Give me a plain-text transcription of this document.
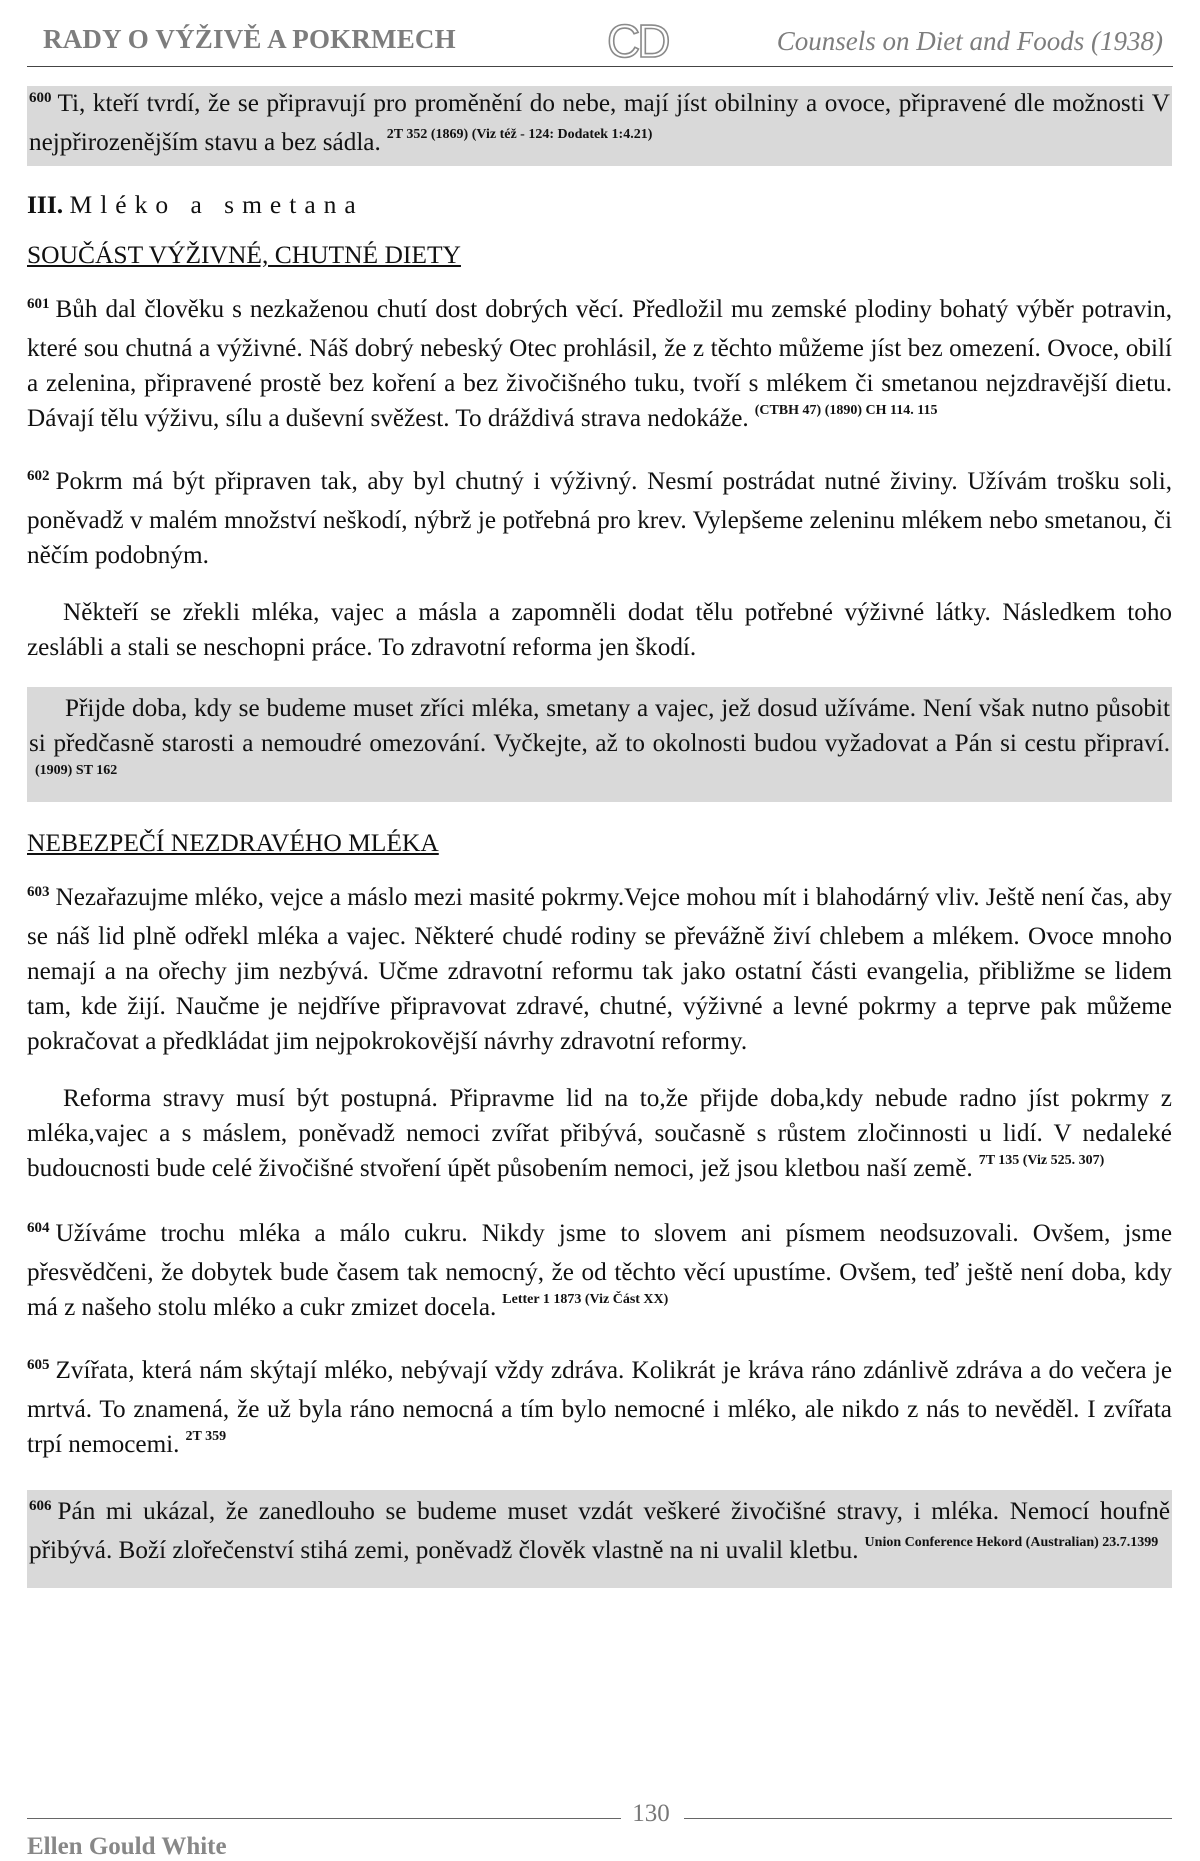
RADY O VÝŽIVĚ A POKRMECH	CD	Counsels on Diet and Foods (1938)

$^{600}$ Ti, kteří tvrdí, že se připravují pro proměnění do nebe, mají jíst obilniny a ovoce, připravené dle možnosti V nejpřirozenějším stavu a bez sádla. $^{2T 352 (1869) (Viz též - 124: Dodatek 1:4.21)}$

III. Mléko a smetana

SOUČÁST VÝŽIVNÉ, CHUTNÉ DIETY

$^{601}$ Bůh dal člověku s nezkaženou chutí dost dobrých věcí. Předložil mu zemské plodiny bohatý výběr potravin, které sou chutná a výživné. Náš dobrý nebeský Otec prohlásil, že z těchto můžeme jíst bez omezení. Ovoce, obilí a zelenina, připravené prostě bez koření a bez živočišného tuku, tvoří s mlékem či smetanou nejzdravější dietu. Dávají tělu výživu, sílu a duševní svěžest. To dráždivá strava nedokáže. $^{(CTBH 47) (1890) CH 114. 115}$

$^{602}$ Pokrm má být připraven tak, aby byl chutný i výživný. Nesmí postrádat nutné živiny. Užívám trošku soli, poněvadž v malém množství neškodí, nýbrž je potřebná pro krev. Vylepšeme zeleninu mlékem nebo smetanou, či něčím podobným.

Někteří se zřekli mléka, vajec a másla a zapomněli dodat tělu potřebné výživné látky. Následkem toho zeslábli a stali se neschopni práce. To zdravotní reforma jen škodí.

Přijde doba, kdy se budeme muset zříci mléka, smetany a vajec, jež dosud užíváme. Není však nutno působit si předčasně starosti a nemoudré omezování. Vyčkejte, až to okolnosti budou vyžadovat a Pán si cestu připraví.$^{(1909) ST 162}$

NEBEZPEČÍ NEZDRAVÉHO MLÉKA

$^{603}$ Nezařazujme mléko, vejce a máslo mezi masité pokrmy.Vejce mohou mít i blahodárný vliv. Ještě není čas, aby se náš lid plně odřekl mléka a vajec. Některé chudé rodiny se převážně živí chlebem a mlékem. Ovoce mnoho nemají a na ořechy jim nezbývá. Učme zdravotní reformu tak jako ostatní části evangelia, přibližme se lidem tam, kde žijí. Naučme je nejdříve připravovat zdravé, chutné, výživné a levné pokrmy a teprve pak můžeme pokračovat a předkládat jim nejpokrokovější návrhy zdravotní reformy.

Reforma stravy musí být postupná. Připravme lid na to,že přijde doba,kdy nebude radno jíst pokrmy z mléka,vajec a s máslem, poněvadž nemoci zvířat přibývá, současně s růstem zločinnosti u lidí. V nedaleké budoucnosti bude celé živočišné stvoření úpět působením nemoci, jež jsou kletbou naší země. $^{7T 135 (Viz 525. 307)}$

$^{604}$ Užíváme trochu mléka a málo cukru. Nikdy jsme to slovem ani písmem neodsuzovali. Ovšem, jsme přesvědčeni, že dobytek bude časem tak nemocný, že od těchto věcí upustíme. Ovšem, teď ještě není doba, kdy má z našeho stolu mléko a cukr zmizet docela. $^{Letter 1 1873 (Viz Část XX)}$

$^{605}$ Zvířata, která nám skýtají mléko, nebývají vždy zdráva. Kolikrát je kráva ráno zdánlivě zdráva a do večera je mrtvá. To znamená, že už byla ráno nemocná a tím bylo nemocné i mléko, ale nikdo z nás to nevěděl. I zvířata trpí nemocemi. $^{2T 359}$

$^{606}$ Pán mi ukázal, že zanedlouho se budeme muset vzdát veškeré živočišné stravy, i mléka. Nemocí houfně přibývá. Boží zlořečenství stihá zemi, poněvadž člověk vlastně na ni uvalil kletbu. $^{Union Conference Hekord (Australian) 23.7.1399}$

130
Ellen Gould White
